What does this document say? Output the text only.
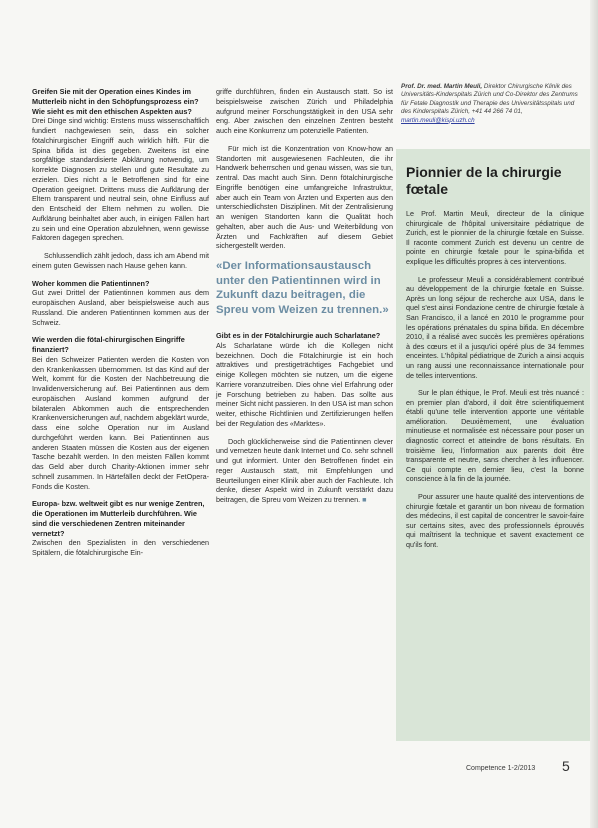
Greifen Sie mit der Operation eines Kindes im Mutterleib nicht in den Schöpfungsprozess ein? Wie sieht es mit den ethischen Aspekten aus?

Drei Dinge sind wichtig: Erstens muss wissenschaftlich fundiert nachgewiesen sein, dass ein solcher fötalchirurgischer Eingriff auch wirklich hilft. Für die Spina bifida ist dies gegeben. Zweitens ist eine sorgfältige standardisierte Abklärung notwendig, um korrekte Diagnosen zu stellen und gute Resultate zu erzielen. Dies nicht a le Betroffenen sind für eine Operation geeignet. Drittens muss die Aufklärung der Eltern transparent und neutral sein, ohne Einfluss auf den Entscheid der Eltern nehmen zu wollen. Die Aufklärung beinhaltet aber auch, in einigen Fällen hart zu sein und eine Operation abzulehnen, wenn gewisse Faktoren dagegen sprechen.

Schlussendlich zählt jedoch, dass ich am Abend mit einem guten Gewissen nach Hause gehen kann.

Woher kommen die Patientinnen?

Gut zwei Drittel der Patientinnen kommen aus dem europäischen Ausland, aber beispielsweise auch aus Russland. Die anderen Patientinnen kommen aus der Schweiz.

Wie werden die fötal-chirurgischen Eingriffe finanziert?

Bei den Schweizer Patienten werden die Kosten von den Krankenkassen übernommen. Ist das Kind auf der Welt, kommt für die Kosten der Nachbetreuung die Invalidenversicherung auf. Bei Patientinnen aus dem europäischen Ausland kommen aufgrund der bilateralen Abkommen auch die entsprechenden Krankenversicherungen auf, nachdem abgeklärt wurde, dass eine solche Operation nur im Ausland durchgeführt werden kann. Bei Patientinnen aus anderen Staaten müssen die Kosten aus der eigenen Tasche bezahlt werden. In den meisten Fällen kommt das Geld aber durch Charity-Aktionen immer sehr schnell zusammen. In Härtefällen deckt der FetOpera-Fonds die Kosten.

Europa- bzw. weltweit gibt es nur wenige Zentren, die Operationen im Mutterleib durchführen. Wie sind die verschiedenen Zentren miteinander vernetzt?

Zwischen den Spezialisten in den verschiedenen Spitälern, die fötalchirurgische Ein-

griffe durchführen, finden ein Austausch statt. So ist beispielsweise zwischen Zürich und Philadelphia aufgrund meiner Forschungstätigkeit in den USA sehr eng. Aber zwischen den einzelnen Zentren besteht auch eine Konkurrenz um potenzielle Patienten.

Für mich ist die Konzentration von Know-how an Standorten mit ausgewiesenen Fachleuten, die ihr Handwerk beherrschen und genau wissen, was sie tun, zentral. Das macht auch Sinn. Denn fötalchirurgische Eingriffe benötigen eine umfangreiche Infrastruktur, aber auch ein Team von Ärzten und Experten aus den unterschiedlichsten Disziplinen. Mit der Zentralisierung an wenigen Standorten kann die Qualität hoch gehalten, aber auch die Aus- und Weiterbildung von Ärzten und Fachkräften auf diesem Gebiet sichergestellt werden.

«Der Informationsaustausch unter den Patientinnen wird in Zukunft dazu beitragen, die Spreu vom Weizen zu trennen.»
Gibt es in der Fötalchirurgie auch Scharlatane?

Als Scharlatane würde ich die Kollegen nicht bezeichnen. Doch die Fötalchirurgie ist ein hoch attraktives und prestigeträchtiges Fachgebiet und einige Kollegen möchten sie nutzen, um die eigene Karriere voranzutreiben. Dies ohne viel Erfahrung oder je Forschung betrieben zu haben. Das sollte aus meiner Sicht nicht passieren. In den USA ist man schon weiter, ethische Richtlinien und Zertifizierungen helfen bei der Regulation des «Marktes».

Doch glücklicherweise sind die Patientinnen clever und vernetzen heute dank Internet und Co. sehr schnell und gut informiert. Unter den Betroffenen findet ein reger Austausch statt, mit Empfehlungen und Beurteilungen einer Klinik aber auch der Fachleute. Ich denke, dieser Aspekt wird in Zukunft verstärkt dazu beitragen, die Spreu vom Weizen zu trennen. ■

Prof. Dr. med. Martin Meuli, Direktor Chirurgische Klinik des Universitäts-Kinderspitals Zürich und Co-Direktor des Zentrums für Fetale Diagnostik und Therapie des Universitätsspitals und des Kinderspitals Zürich, +41 44 266 74 01, martin.meuli@kispi.uzh.ch
Pionnier de la chirurgie fœtale

Le Prof. Martin Meuli, directeur de la clinique chirurgicale de l'hôpital universitaire pédiatrique de Zurich, est le pionnier de la chirurgie fœtale en Suisse. Il raconte comment Zurich est devenu un centre de pointe en chirurgie fœtale pour le spina-bifida et explique les difficultés propres à ces interventions.

Le professeur Meuli a considérablement contribué au développement de la chirurgie fœtale en Suisse. Après un long séjour de recherche aux USA, dans le quel s'est ainsi Fondazione centre de chirurgie fœtale à San Francisco, il a lancé en 2010 le programme pour les opérations prénatales du spina bifida. En décembre 2010, il a réalisé avec succès les premières opérations à des cœurs et il a jusqu'ici opéré plus de 34 femmes enceintes. L'hôpital pédiatrique de Zurich a ainsi acquis un rang aussi une reconnaissance internationale pour de telles interventions.

Sur le plan éthique, le Prof. Meuli est très nuancé : en premier plan d'abord, il doit être scientifiquement établi qu'une telle intervention apporte une véritable amélioration. Deuxièmement, une évaluation minutieuse et normalisée est nécessaire pour poser un diagnostic correct et atteindre de bons résultats. En troisième lieu, l'information aux parents doit être transparente et neutre, sans chercher à les influencer. Ce qui compte en dernier lieu, c'est la bonne conscience à la fin de la journée.

Pour assurer une haute qualité des interventions de chirurgie fœtale et garantir un bon niveau de formation des médecins, il est capital de concentrer le savoir-faire sur certains sites, avec des professionnels éprouvés qui maîtrisent la technique et savent exactement ce qu'ils font.

Competence 1-2/2013 5
